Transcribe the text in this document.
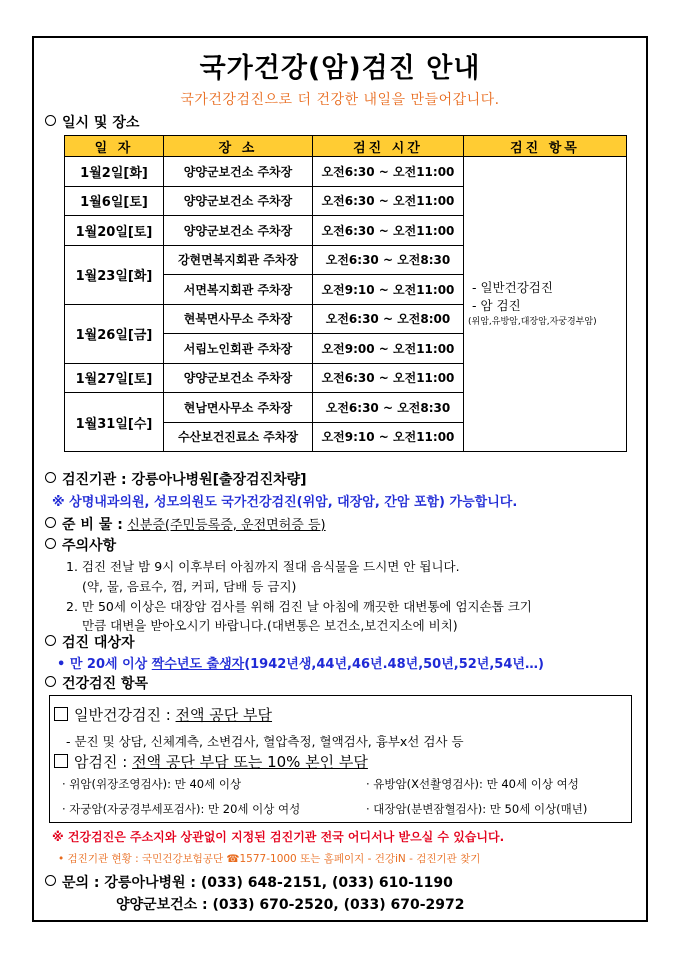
국가건강(암)검진 안내
국가건강검진으로 더 건강한 내일을 만들어갑니다.
일시 및 장소
일 자	장 소	검진 시간	검진 항목
1월2일[화]	양양군보건소 주차장	오전6:30 ~ 오전11:00	- 일반건강검진
- 암 검진
(위암,유방암,대장암,자궁경부암)

1월6일[토]	양양군보건소 주차장	오전6:30 ~ 오전11:00	
1월20일[토]	양양군보건소 주차장	오전6:30 ~ 오전11:00	
1월23일[화]	강현면복지회관 주차장	오전6:30 ~ 오전8:30	
	서면복지회관 주차장	오전9:10 ~ 오전11:00	
1월26일[금]	현북면사무소 주차장	오전6:30 ~ 오전8:00	
	서림노인회관 주차장	오전9:00 ~ 오전11:00	
1월27일[토]	양양군보건소 주차장	오전6:30 ~ 오전11:00	
1월31일[수]	현남면사무소 주차장	오전6:30 ~ 오전8:30	
	수산보건진료소 주차장	오전9:10 ~ 오전11:00	
검진기관 : 강릉아나병원[출장검진차량]
※ 상명내과의원, 성모의원도 국가건강검진(위암, 대장암, 간암 포함) 가능합니다.
준 비 물 : 신분증(주민등록증, 운전면허증 등)
주의사항
1. 검진 전날 밤 9시 이후부터 아침까지 절대 음식물을 드시면 안 됩니다.
(약, 물, 음료수, 껌, 커피, 담배 등 금지)
2. 만 50세 이상은 대장암 검사를 위해 검진 날 아침에 깨끗한 대변통에 엄지손톱 크기
만큼 대변을 받아오시기 바랍니다.(대변통은 보건소,보건지소에 비치)
검진 대상자
• 만 20세 이상 짝수년도 출생자(1942년생,44년,46년.48년,50년,52년,54년…)
건강검진 항목
일반건강검진 : 전액 공단 부담
- 문진 및 상담, 신체계측, 소변검사, 혈압측정, 혈액검사, 흉부x선 검사 등
암검진 : 전액 공단 부담 또는 10% 본인 부담
· 위암(위장조영검사): 만 40세 이상	· 유방암(X선촬영검사): 만 40세 이상 여성
· 자궁암(자궁경부세포검사): 만 20세 이상 여성	· 대장암(분변잠혈검사): 만 50세 이상(매년)
※ 건강검진은 주소지와 상관없이 지정된 검진기관 전국 어디서나 받으실 수 있습니다.
• 검진기관 현황 : 국민건강보험공단 ☎1577-1000 또는 홈페이지 - 건강iN - 검진기관 찾기
문의 : 강릉아나병원 : (033) 648-2151, (033) 610-1190
양양군보건소 : (033) 670-2520, (033) 670-2972
